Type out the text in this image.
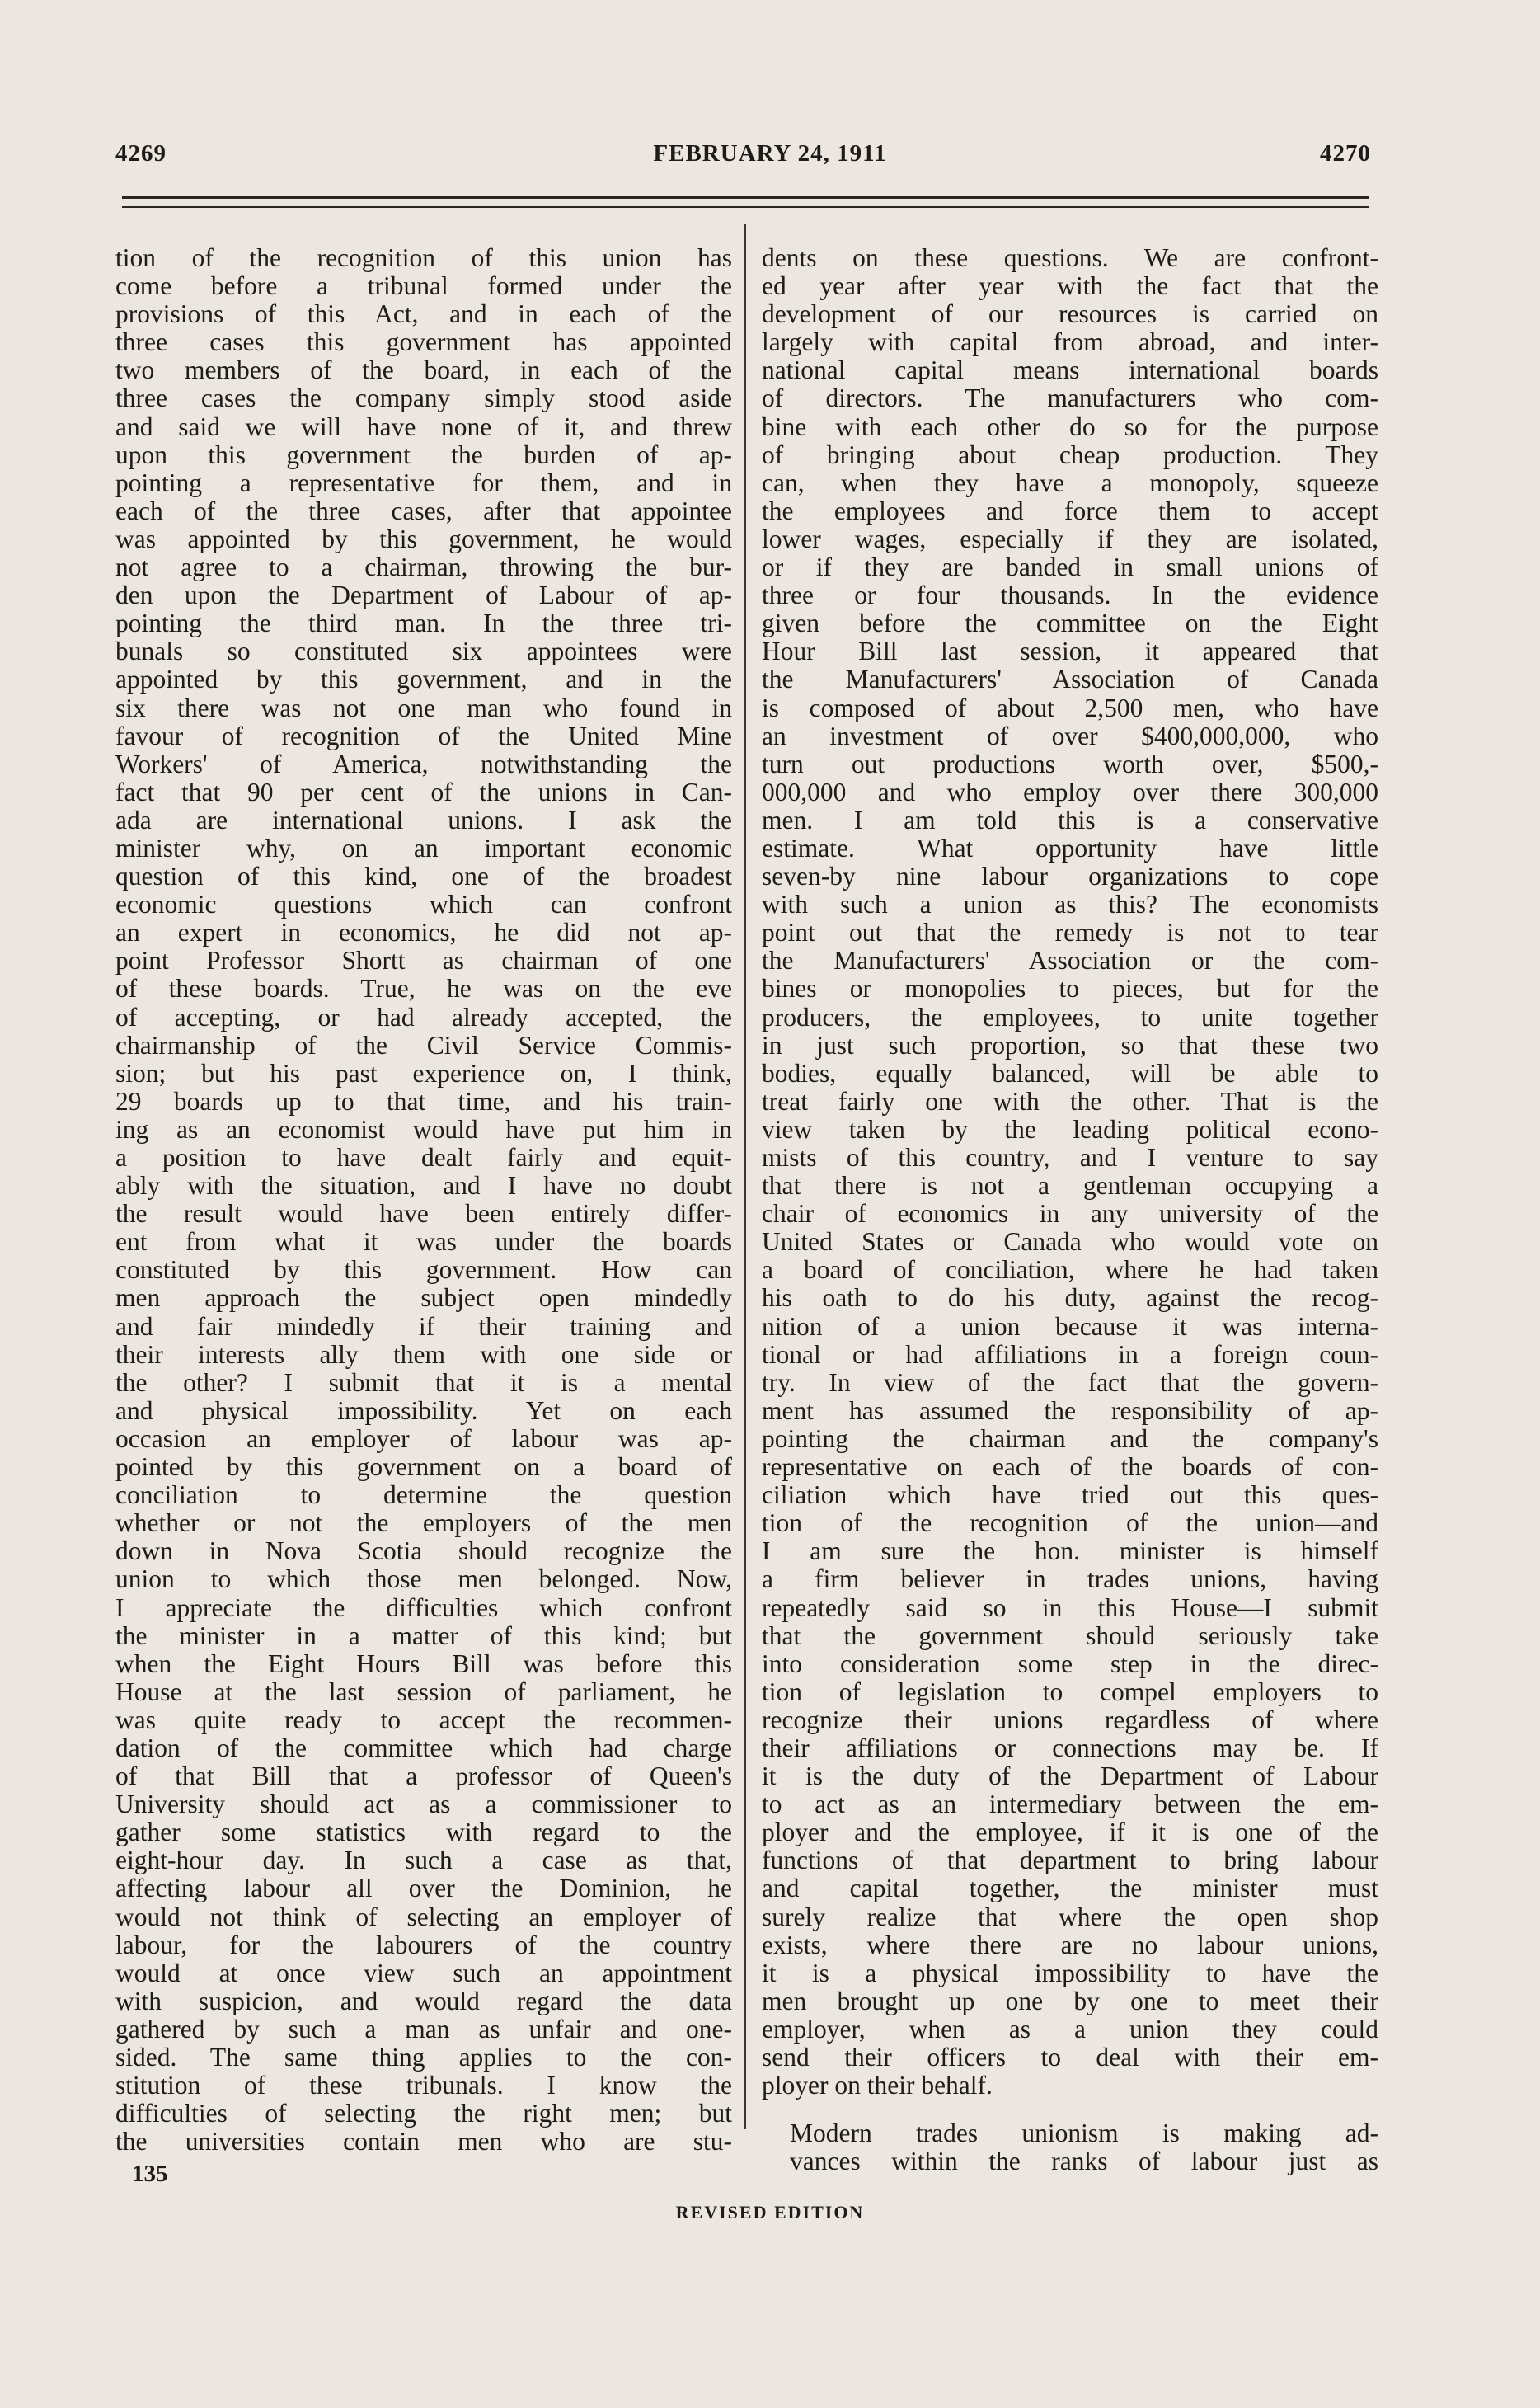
4269	FEBRUARY 24, 1911	4270

tion of the recognition of this union has
come before a tribunal formed under the
provisions of this Act, and in each of the
three cases this government has appointed
two members of the board, in each of the
three cases the company simply stood aside
and said we will have none of it, and threw
upon this government the burden of ap-
pointing a representative for them, and in
each of the three cases, after that appointee
was appointed by this government, he would
not agree to a chairman, throwing the bur-
den upon the Department of Labour of ap-
pointing the third man. In the three tri-
bunals so constituted six appointees were
appointed by this government, and in the
six there was not one man who found in
favour of recognition of the United Mine
Workers' of America, notwithstanding the
fact that 90 per cent of the unions in Can-
ada are international unions. I ask the
minister why, on an important economic
question of this kind, one of the broadest
economic questions which can confront
an expert in economics, he did not ap-
point Professor Shortt as chairman of one
of these boards. True, he was on the eve
of accepting, or had already accepted, the
chairmanship of the Civil Service Commis-
sion; but his past experience on, I think,
29 boards up to that time, and his train-
ing as an economist would have put him in
a position to have dealt fairly and equit-
ably with the situation, and I have no doubt
the result would have been entirely differ-
ent from what it was under the boards
constituted by this government. How can
men approach the subject open mindedly
and fair mindedly if their training and
their interests ally them with one side or
the other? I submit that it is a mental
and physical impossibility. Yet on each
occasion an employer of labour was ap-
pointed by this government on a board of
conciliation to determine the question
whether or not the employers of the men
down in Nova Scotia should recognize the
union to which those men belonged. Now,
I appreciate the difficulties which confront
the minister in a matter of this kind; but
when the Eight Hours Bill was before this
House at the last session of parliament, he
was quite ready to accept the recommen-
dation of the committee which had charge
of that Bill that a professor of Queen's
University should act as a commissioner to
gather some statistics with regard to the
eight-hour day. In such a case as that,
affecting labour all over the Dominion, he
would not think of selecting an employer of
labour, for the labourers of the country
would at once view such an appointment
with suspicion, and would regard the data
gathered by such a man as unfair and one-
sided. The same thing applies to the con-
stitution of these tribunals. I know the
difficulties of selecting the right men; but
the universities contain men who are stu-

dents on these questions. We are confront-
ed year after year with the fact that the
development of our resources is carried on
largely with capital from abroad, and inter-
national capital means international boards
of directors. The manufacturers who com-
bine with each other do so for the purpose
of bringing about cheap production. They
can, when they have a monopoly, squeeze
the employees and force them to accept
lower wages, especially if they are isolated,
or if they are banded in small unions of
three or four thousands. In the evidence
given before the committee on the Eight
Hour Bill last session, it appeared that
the Manufacturers' Association of Canada
is composed of about 2,500 men, who have
an investment of over $400,000,000, who
turn out productions worth over, $500,-
000,000 and who employ over there 300,000
men. I am told this is a conservative
estimate. What opportunity have little
seven-by nine labour organizations to cope
with such a union as this? The economists
point out that the remedy is not to tear
the Manufacturers' Association or the com-
bines or monopolies to pieces, but for the
producers, the employees, to unite together
in just such proportion, so that these two
bodies, equally balanced, will be able to
treat fairly one with the other. That is the
view taken by the leading political econo-
mists of this country, and I venture to say
that there is not a gentleman occupying a
chair of economics in any university of the
United States or Canada who would vote on
a board of conciliation, where he had taken
his oath to do his duty, against the recog-
nition of a union because it was interna-
tional or had affiliations in a foreign coun-
try. In view of the fact that the govern-
ment has assumed the responsibility of ap-
pointing the chairman and the company's
representative on each of the boards of con-
ciliation which have tried out this ques-
tion of the recognition of the union—and
I am sure the hon. minister is himself
a firm believer in trades unions, having
repeatedly said so in this House—I submit
that the government should seriously take
into consideration some step in the direc-
tion of legislation to compel employers to
recognize their unions regardless of where
their affiliations or connections may be. If
it is the duty of the Department of Labour
to act as an intermediary between the em-
ployer and the employee, if it is one of the
functions of that department to bring labour
and capital together, the minister must
surely realize that where the open shop
exists, where there are no labour unions,
it is a physical impossibility to have the
men brought up one by one to meet their
employer, when as a union they could
send their officers to deal with their em-
ployer on their behalf.

Modern trades unionism is making ad-
vances within the ranks of labour just as

135
REVISED EDITION
